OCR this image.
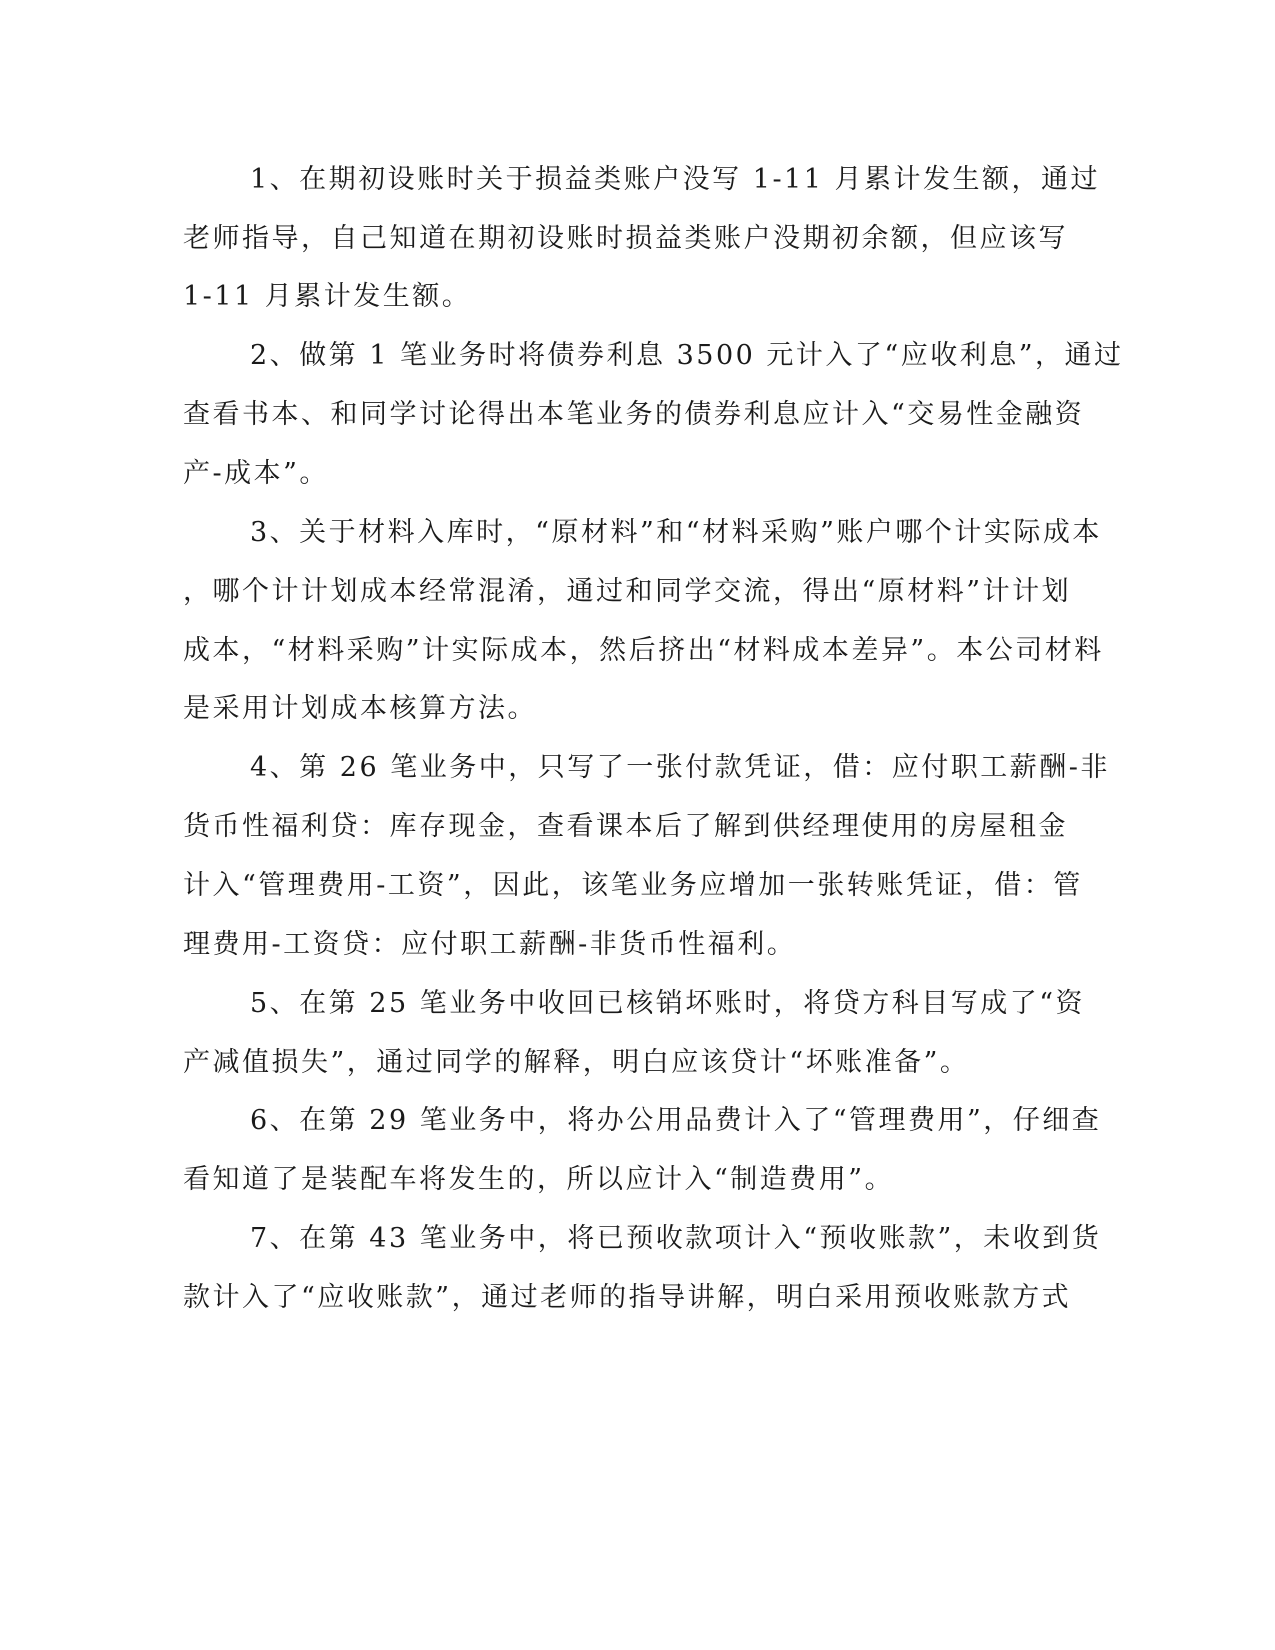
1、在期初设账时关于损益类账户没写 1-11 月累计发生额，通过
老师指导，自己知道在期初设账时损益类账户没期初余额，但应该写
1-11 月累计发生额。
2、做第 1 笔业务时将债券利息 3500 元计入了“应收利息”，通过
查看书本、和同学讨论得出本笔业务的债券利息应计入“交易性金融资
产-成本”。
3、关于材料入库时，“原材料”和“材料采购”账户哪个计实际成本
，哪个计计划成本经常混淆，通过和同学交流，得出“原材料”计计划
成本，“材料采购”计实际成本，然后挤出“材料成本差异”。本公司材料
是采用计划成本核算方法。
4、第 26 笔业务中，只写了一张付款凭证，借：应付职工薪酬-非
货币性福利贷：库存现金，查看课本后了解到供经理使用的房屋租金
计入“管理费用-工资”，因此，该笔业务应增加一张转账凭证，借：管
理费用-工资贷：应付职工薪酬-非货币性福利。
5、在第 25 笔业务中收回已核销坏账时，将贷方科目写成了“资
产减值损失”，通过同学的解释，明白应该贷计“坏账准备”。
6、在第 29 笔业务中，将办公用品费计入了“管理费用”，仔细查
看知道了是装配车将发生的，所以应计入“制造费用”。
7、在第 43 笔业务中，将已预收款项计入“预收账款”，未收到货
款计入了“应收账款”，通过老师的指导讲解，明白采用预收账款方式
